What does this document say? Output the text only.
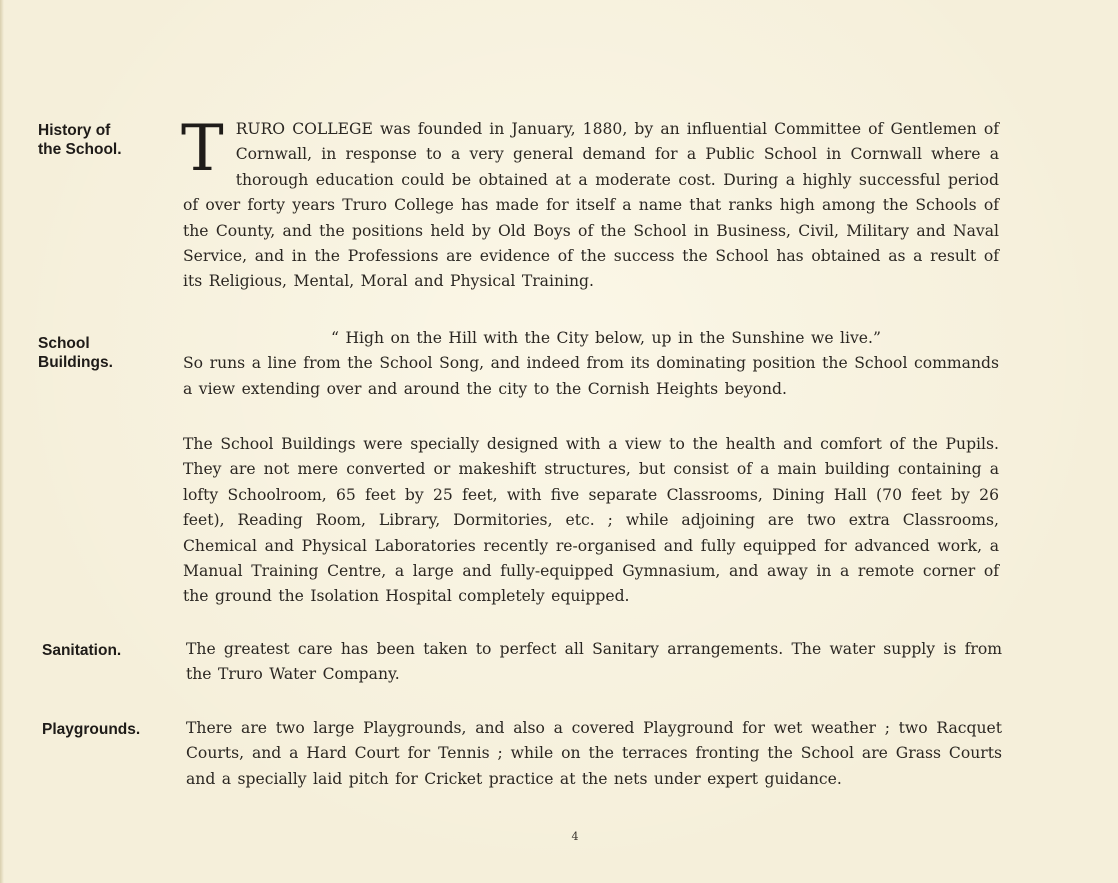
History of
the School. TRURO COLLEGE was founded in January, 1880, by an influential Committee of Gentlemen of Cornwall, in response to a very general demand for a Public School in Cornwall where a thorough education could be obtained at a moderate cost. During a highly successful period of over forty years Truro College has made for itself a name that ranks high among the Schools of the County, and the positions held by Old Boys of the School in Business, Civil, Military and Naval Service, and in the Professions are evidence of the success the School has obtained as a result of its Religious, Mental, Moral and Physical Training.
School
Buildings.
“ High on the Hill with the City below, up in the Sunshine we live.”
So runs a line from the School Song, and indeed from its dominating position the School commands a view extending over and around the city to the Cornish Heights beyond.
The School Buildings were specially designed with a view to the health and comfort of the Pupils. They are not mere converted or makeshift structures, but consist of a main building containing a lofty Schoolroom, 65 feet by 25 feet, with five separate Classrooms, Dining Hall (70 feet by 26 feet), Reading Room, Library, Dormitories, etc. ; while adjoining are two extra Classrooms, Chemical and Physical Laboratories recently re-organised and fully equipped for advanced work, a Manual Training Centre, a large and fully-equipped Gymnasium, and away in a remote corner of the ground the Isolation Hospital completely equipped.
Sanitation.	The greatest care has been taken to perfect all Sanitary arrangements. The water supply is from the Truro Water Company.
Playgrounds.	There are two large Playgrounds, and also a covered Playground for wet weather ; two Racquet Courts, and a Hard Court for Tennis ; while on the terraces fronting the School are Grass Courts and a specially laid pitch for Cricket practice at the nets under expert guidance.
4
